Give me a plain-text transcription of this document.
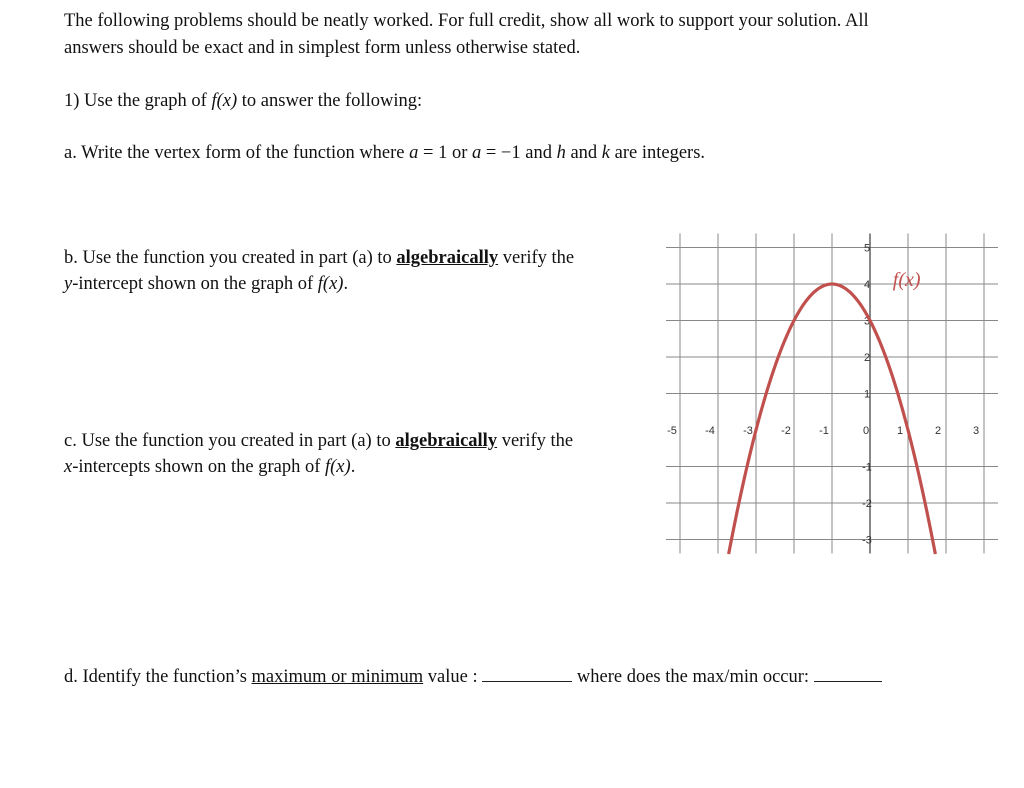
The following problems should be neatly worked. For full credit, show all work to support your solution. All

answers should be exact and in simplest form unless otherwise stated.

1) Use the graph of f(x) to answer the following:

a. Write the vertex form of the function where a = 1 or a = −1 and h and k are integers.

b. Use the function you created in part (a) to algebraically verify the

y-intercept shown on the graph of f(x).

c. Use the function you created in part (a) to algebraically verify the

x-intercepts shown on the graph of f(x).

d. Identify the function’s maximum or minimum value :	where does the max/min occur:

-5	-4	-3	-2	-1	0	1	2	3
5
4
3
2
1
-1
-2
-3
f(x)
